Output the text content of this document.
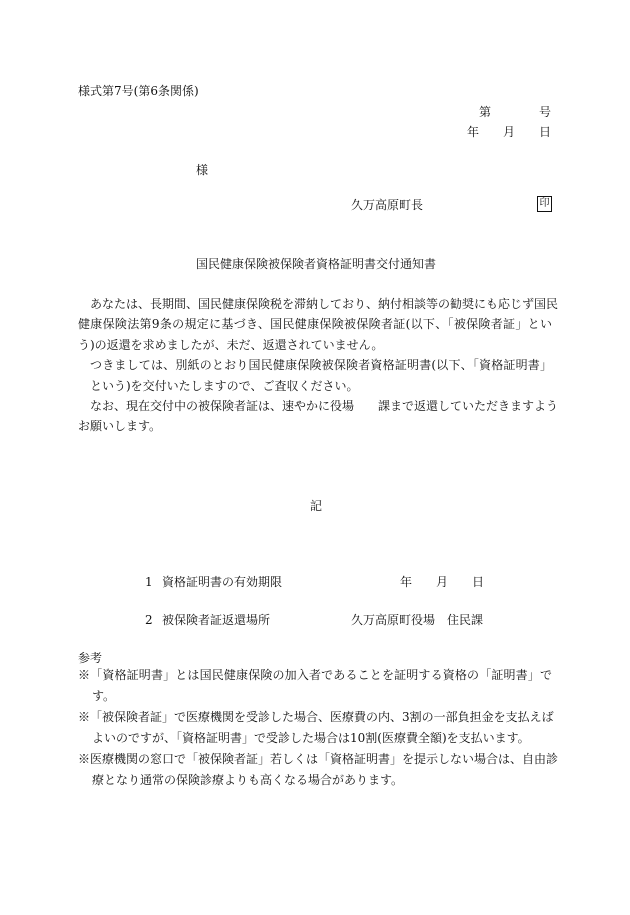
様式第7号(第6条関係)
第	号
年 月 日
様
久万高原町長	印
国民健康保険被保険者資格証明書交付通知書
あなたは、長期間、国民健康保険税を滞納しており、納付相談等の勧奨にも応じず国民
健康保険法第9条の規定に基づき、国民健康保険被保険者証(以下、「被保険者証」とい
う)の返還を求めましたが、未だ、返還されていません。
つきましては、別紙のとおり国民健康保険被保険者資格証明書(以下、「資格証明書」
という)を交付いたしますので、ご査収ください。
なお、現在交付中の被保険者証は、速やかに役場　　課まで返還していただきますよう
お願いします。
記
1 資格証明書の有効期限	年 月 日
2 被保険者証返還場所	久万高原町役場　住民課
参考
※「資格証明書」とは国民健康保険の加入者であることを証明する資格の「証明書」で
す。
※「被保険者証」で医療機関を受診した場合、医療費の内、3割の一部負担金を支払えば
よいのですが、「資格証明書」で受診した場合は10割(医療費全額)を支払います。
※医療機関の窓口で「被保険者証」若しくは「資格証明書」を提示しない場合は、自由診
療となり通常の保険診療よりも高くなる場合があります。
